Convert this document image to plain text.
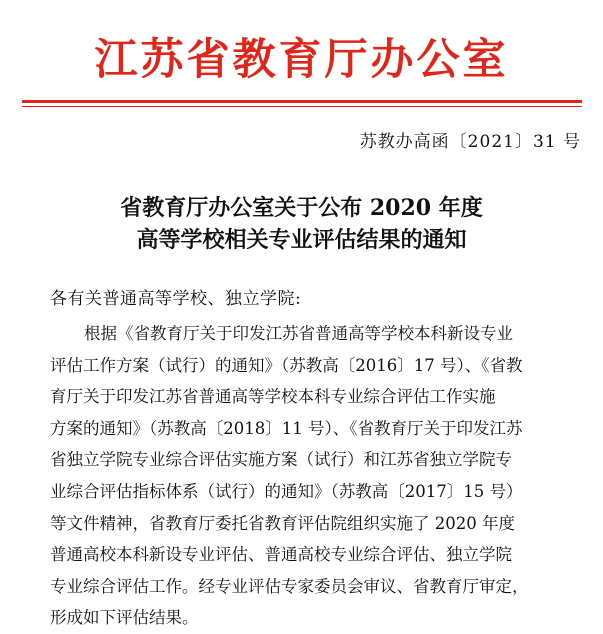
江苏省教育厅办公室
苏教办高函〔2021〕31 号
省教育厅办公室关于公布 2020 年度
高等学校相关专业评估结果的通知
各有关普通高等学校、独立学院:
根据《省教育厅关于印发江苏省普通高等学校本科新设专业
评估工作方案（试行）的通知》（苏教高〔2016〕17 号）、《省教
育厅关于印发江苏省普通高等学校本科专业综合评估工作实施
方案的通知》（苏教高〔2018〕11 号）、《省教育厅关于印发江苏
省独立学院专业综合评估实施方案（试行）和江苏省独立学院专
业综合评估指标体系（试行）的通知》（苏教高〔2017〕15 号）
等文件精神，省教育厅委托省教育评估院组织实施了 2020 年度
普通高校本科新设专业评估、普通高校专业综合评估、独立学院
专业综合评估工作。经专业评估专家委员会审议、省教育厅审定，
形成如下评估结果。
